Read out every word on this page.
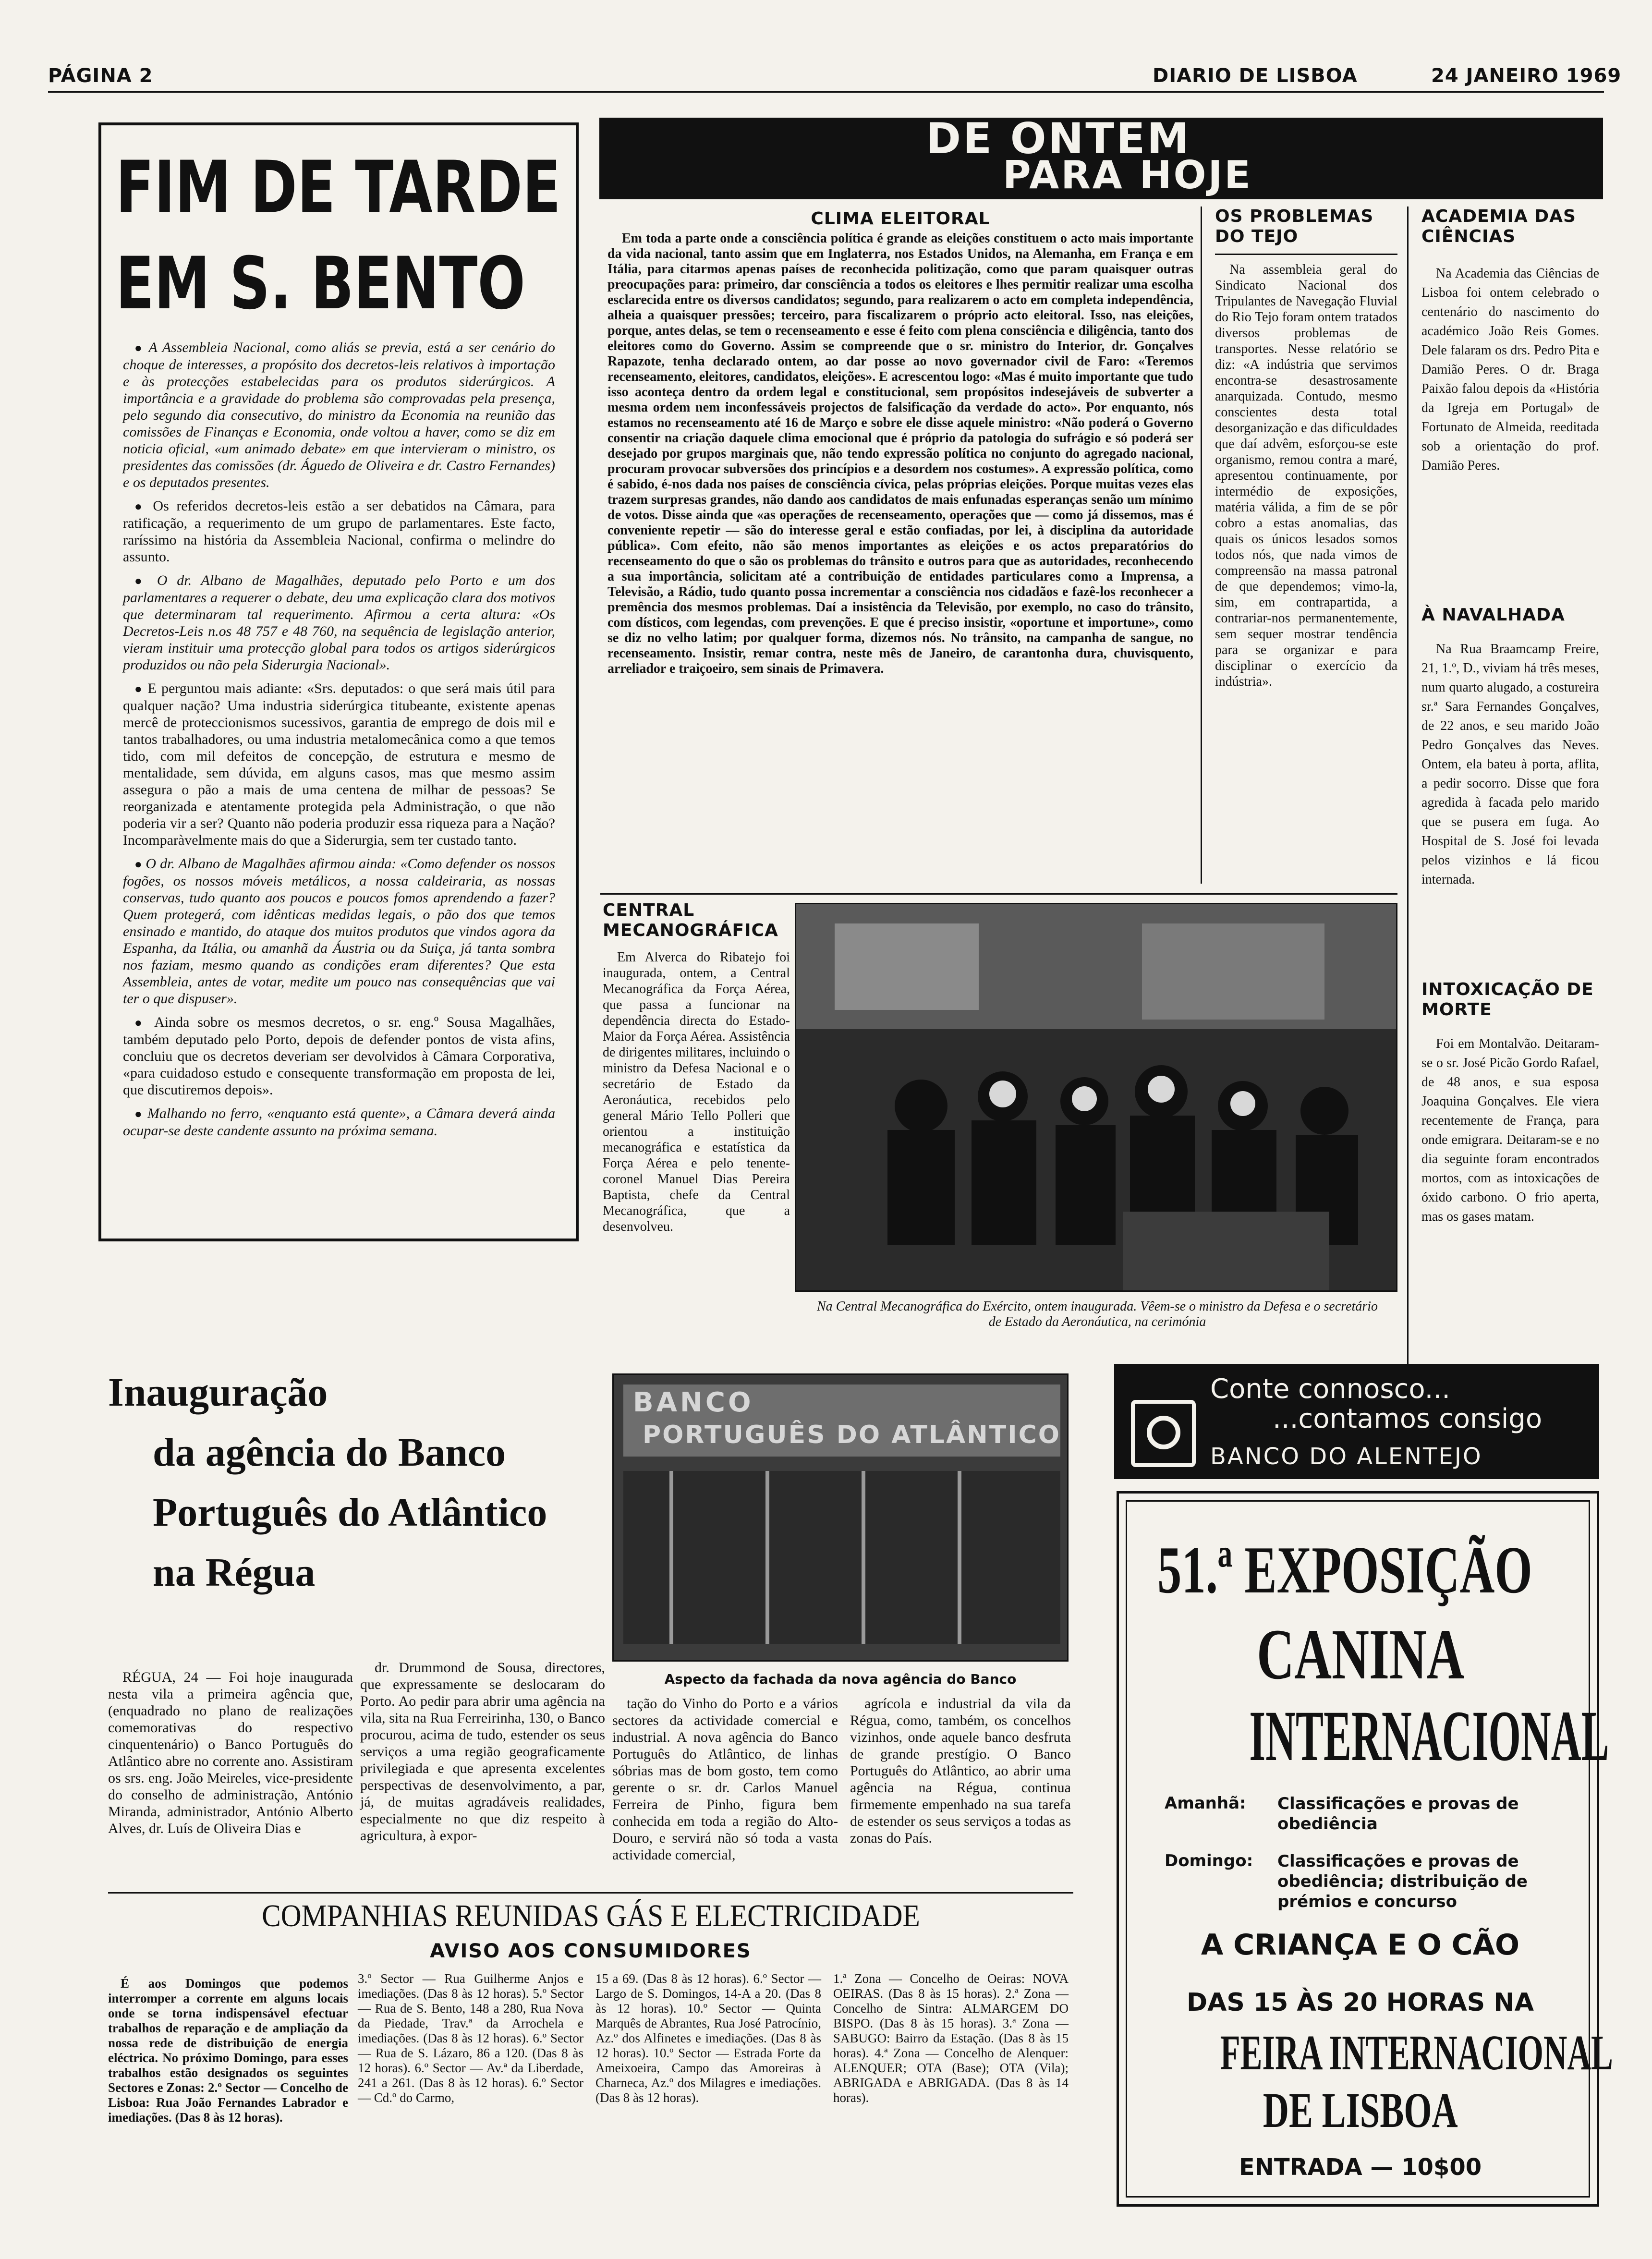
PÁGINA 2	DIARIO DE LISBOA	24 JANEIRO 1969
FIM DE TARDE
EM S. BENTO

● A Assembleia Nacional, como aliás se previa, está a ser cenário do choque de interesses, a propósito dos decretos-leis relativos à importação e às protecções estabelecidas para os produtos siderúrgicos. A importância e a gravidade do problema são comprovadas pela presença, pelo segundo dia consecutivo, do ministro da Economia na reunião das comissões de Finanças e Economia, onde voltou a haver, como se diz em noticia oficial, «um animado debate» em que intervieram o ministro, os presidentes das comissões (dr. Águedo de Oliveira e dr. Castro Fernandes) e os deputados presentes.

● Os referidos decretos-leis estão a ser debatidos na Câmara, para ratificação, a requerimento de um grupo de parlamentares. Este facto, raríssimo na história da Assembleia Nacional, confirma o melindre do assunto.

● O dr. Albano de Magalhães, deputado pelo Porto e um dos parlamentares a requerer o debate, deu uma explicação clara dos motivos que determinaram tal requerimento. Afirmou a certa altura: «Os Decretos-Leis n.os 48 757 e 48 760, na sequência de legislação anterior, vieram instituir uma protecção global para todos os artigos siderúrgicos produzidos ou não pela Siderurgia Nacional».

● E perguntou mais adiante: «Srs. deputados: o que será mais útil para qualquer nação? Uma industria siderúrgica titubeante, existente apenas mercê de proteccionismos sucessivos, garantia de emprego de dois mil e tantos trabalhadores, ou uma industria metalomecânica como a que temos tido, com mil defeitos de concepção, de estrutura e mesmo de mentalidade, sem dúvida, em alguns casos, mas que mesmo assim assegura o pão a mais de uma centena de milhar de pessoas? Se reorganizada e atentamente protegida pela Administração, o que não poderia vir a ser? Quanto não poderia produzir essa riqueza para a Nação? Incomparàvelmente mais do que a Siderurgia, sem ter custado tanto.

● O dr. Albano de Magalhães afirmou ainda: «Como defender os nossos fogões, os nossos móveis metálicos, a nossa caldeiraria, as nossas conservas, tudo quanto aos poucos e poucos fomos aprendendo a fazer? Quem protegerá, com idênticas medidas legais, o pão dos que temos ensinado e mantido, do ataque dos muitos produtos que vindos agora da Espanha, da Itália, ou amanhã da Áustria ou da Suiça, já tanta sombra nos faziam, mesmo quando as condições eram diferentes? Que esta Assembleia, antes de votar, medite um pouco nas consequências que vai ter o que dispuser».

● Ainda sobre os mesmos decretos, o sr. eng.º Sousa Magalhães, também deputado pelo Porto, depois de defender pontos de vista afins, concluiu que os decretos deveriam ser devolvidos à Câmara Corporativa, «para cuidadoso estudo e consequente transformação em proposta de lei, que discutiremos depois».

● Malhando no ferro, «enquanto está quente», a Câmara deverá ainda ocupar-se deste candente assunto na próxima semana.

DE ONTEM
PARA HOJE
CLIMA ELEITORAL
Em toda a parte onde a consciência política é grande as eleições constituem o acto mais importante da vida nacional, tanto assim que em Inglaterra, nos Estados Unidos, na Alemanha, em França e em Itália, para citarmos apenas países de reconhecida politização, como que param quaisquer outras preocupações para: primeiro, dar consciência a todos os eleitores e lhes permitir realizar uma escolha esclarecida entre os diversos candidatos; segundo, para realizarem o acto em completa independência, alheia a quaisquer pressões; terceiro, para fiscalizarem o próprio acto eleitoral. Isso, nas eleições, porque, antes delas, se tem o recenseamento e esse é feito com plena consciência e diligência, tanto dos eleitores como do Governo. Assim se compreende que o sr. ministro do Interior, dr. Gonçalves Rapazote, tenha declarado ontem, ao dar posse ao novo governador civil de Faro: «Teremos recenseamento, eleitores, candidatos, eleições». E acrescentou logo: «Mas é muito importante que tudo isso aconteça dentro da ordem legal e constitucional, sem propósitos indesejáveis de subverter a mesma ordem nem inconfessáveis projectos de falsificação da verdade do acto». Por enquanto, nós estamos no recenseamento até 16 de Março e sobre ele disse aquele ministro: «Não poderá o Governo consentir na criação daquele clima emocional que é próprio da patologia do sufrágio e só poderá ser desejado por grupos marginais que, não tendo expressão política no conjunto do agregado nacional, procuram provocar subversões dos princípios e a desordem nos costumes». A expressão política, como é sabido, é-nos dada nos países de consciência cívica, pelas próprias eleições. Porque muitas vezes elas trazem surpresas grandes, não dando aos candidatos de mais enfunadas esperanças senão um mínimo de votos. Disse ainda que «as operações de recenseamento, operações que — como já dissemos, mas é conveniente repetir — são do interesse geral e estão confiadas, por lei, à disciplina da autoridade pública». Com efeito, não são menos importantes as eleições e os actos preparatórios do recenseamento do que o são os problemas do trânsito e outros para que as autoridades, reconhecendo a sua importância, solicitam até a contribuição de entidades particulares como a Imprensa, a Televisão, a Rádio, tudo quanto possa incrementar a consciência nos cidadãos e fazê-los reconhecer a premência dos mesmos problemas. Daí a insistência da Televisão, por exemplo, no caso do trânsito, com dísticos, com legendas, com prevenções. E que é preciso insistir, «oportune et importune», como se diz no velho latim; por qualquer forma, dizemos nós. No trânsito, na campanha de sangue, no recenseamento. Insistir, remar contra, neste mês de Janeiro, de carantonha dura, chuvisquento, arreliador e traiçoeiro, sem sinais de Primavera.
OS PROBLEMAS DO TEJO
Na assembleia geral do Sindicato Nacional dos Tripulantes de Navegação Fluvial do Rio Tejo foram ontem tratados diversos problemas de transportes. Nesse relatório se diz: «A indústria que servimos encontra-se desastrosamente anarquizada. Contudo, mesmo conscientes desta total desorganização e das dificuldades que daí advêm, esforçou-se este organismo, remou contra a maré, apresentou continuamente, por intermédio de exposições, matéria válida, a fim de se pôr cobro a estas anomalias, das quais os únicos lesados somos todos nós, que nada vimos de compreensão na massa patronal de que dependemos; vimo-la, sim, em contrapartida, a contrariar-nos permanentemente, sem sequer mostrar tendência para se organizar e para disciplinar o exercício da indústria».
ACADEMIA DAS CIÊNCIAS
Na Academia das Ciências de Lisboa foi ontem celebrado o centenário do nascimento do académico João Reis Gomes. Dele falaram os drs. Pedro Pita e Damião Peres. O dr. Braga Paixão falou depois da «História da Igreja em Portugal» de Fortunato de Almeida, reeditada sob a orientação do prof. Damião Peres.
À NAVALHADA
Na Rua Braamcamp Freire, 21, 1.º, D., viviam há três meses, num quarto alugado, a costureira sr.ª Sara Fernandes Gonçalves, de 22 anos, e seu marido João Pedro Gonçalves das Neves. Ontem, ela bateu à porta, aflita, a pedir socorro. Disse que fora agredida à facada pelo marido que se pusera em fuga. Ao Hospital de S. José foi levada pelos vizinhos e lá ficou internada.
INTOXICAÇÃO DE MORTE
Foi em Montalvão. Deitaram-se o sr. José Picão Gordo Rafael, de 48 anos, e sua esposa Joaquina Gonçalves. Ele viera recentemente de França, para onde emigrara. Deitaram-se e no dia seguinte foram encontrados mortos, com as intoxicações de óxido carbono. O frio aperta, mas os gases matam.
CENTRAL MECANOGRÁFICA
Em Alverca do Ribatejo foi inaugurada, ontem, a Central Mecanográfica da Força Aérea, que passa a funcionar na dependência directa do Estado-Maior da Força Aérea. Assistência de dirigentes militares, incluindo o ministro da Defesa Nacional e o secretário de Estado da Aeronáutica, recebidos pelo general Mário Tello Polleri que orientou a instituição mecanográfica e estatística da Força Aérea e pelo tenente-coronel Manuel Dias Pereira Baptista, chefe da Central Mecanográfica, que a desenvolveu.
Na Central Mecanográfica do Exército, ontem inaugurada. Vêem-se o ministro da Defesa e o secretário de Estado da Aeronáutica, na cerimónia
Inauguração
da agência do Banco
Português do Atlântico
na Régua
BANCO
PORTUGUÊS DO ATLÂNTICO
Aspecto da fachada da nova agência do Banco
RÉGUA, 24 — Foi hoje inaugurada nesta vila a primeira agência que, (enquadrado no plano de realizações comemorativas do respectivo cinquentenário) o Banco Português do Atlântico abre no corrente ano. Assistiram os srs. eng. João Meireles, vice-presidente do conselho de administração, António Miranda, administrador, António Alberto Alves, dr. Luís de Oliveira Dias e
dr. Drummond de Sousa, directores, que expressamente se deslocaram do Porto. Ao pedir para abrir uma agência na vila, sita na Rua Ferreirinha, 130, o Banco procurou, acima de tudo, estender os seus serviços a uma região geograficamente privilegiada e que apresenta excelentes perspectivas de desenvolvimento, a par, já, de muitas agradáveis realidades, especialmente no que diz respeito à agricultura, à expor-
tação do Vinho do Porto e a vários sectores da actividade comercial e industrial. A nova agência do Banco Português do Atlântico, de linhas sóbrias mas de bom gosto, tem como gerente o sr. dr. Carlos Manuel Ferreira de Pinho, figura bem conhecida em toda a região do Alto-Douro, e servirá não só toda a vasta actividade comercial,
agrícola e industrial da vila da Régua, como, também, os concelhos vizinhos, onde aquele banco desfruta de grande prestígio. O Banco Português do Atlântico, ao abrir uma agência na Régua, continua firmemente empenhado na sua tarefa de estender os seus serviços a todas as zonas do País.
Conte connosco...
...contamos consigo
BANCO DO ALENTEJO
51.ª EXPOSIÇÃO
CANINA
INTERNACIONAL
Amanhã: Classificações e provas de obediência
Domingo: Classificações e provas de obediência; distribuição de prémios e concurso
A CRIANÇA E O CÃO
DAS 15 ÀS 20 HORAS NA
FEIRA INTERNACIONAL
DE LISBOA
ENTRADA — 10$00
COMPANHIAS REUNIDAS GÁS E ELECTRICIDADE
AVISO AOS CONSUMIDORES
É aos Domingos que podemos interromper a corrente em alguns locais onde se torna indispensável efectuar trabalhos de reparação e de ampliação da nossa rede de distribuição de energia eléctrica. No próximo Domingo, para esses trabalhos estão designados os seguintes Sectores e Zonas: 2.º Sector — Concelho de Lisboa: Rua João Fernandes Labrador e imediações. (Das 8 às 12 horas).
3.º Sector — Rua Guilherme Anjos e imediações. (Das 8 às 12 horas). 5.º Sector — Rua de S. Bento, 148 a 280, Rua Nova da Piedade, Trav.ª da Arrochela e imediações. (Das 8 às 12 horas). 6.º Sector — Rua de S. Lázaro, 86 a 120. (Das 8 às 12 horas). 6.º Sector — Av.ª da Liberdade, 241 a 261. (Das 8 às 12 horas). 6.º Sector — Cd.º do Carmo,
15 a 69. (Das 8 às 12 horas). 6.º Sector — Largo de S. Domingos, 14-A a 20. (Das 8 às 12 horas). 10.º Sector — Quinta Marquês de Abrantes, Rua José Patrocínio, Az.º dos Alfinetes e imediações. (Das 8 às 12 horas). 10.º Sector — Estrada Forte da Ameixoeira, Campo das Amoreiras à Charneca, Az.º dos Milagres e imediações. (Das 8 às 12 horas).
1.ª Zona — Concelho de Oeiras: NOVA OEIRAS. (Das 8 às 15 horas). 2.ª Zona — Concelho de Sintra: ALMARGEM DO BISPO. (Das 8 às 15 horas). 3.ª Zona — SABUGO: Bairro da Estação. (Das 8 às 15 horas). 4.ª Zona — Concelho de Alenquer: ALENQUER; OTA (Base); OTA (Vila); ABRIGADA e ABRIGADA. (Das 8 às 14 horas).
